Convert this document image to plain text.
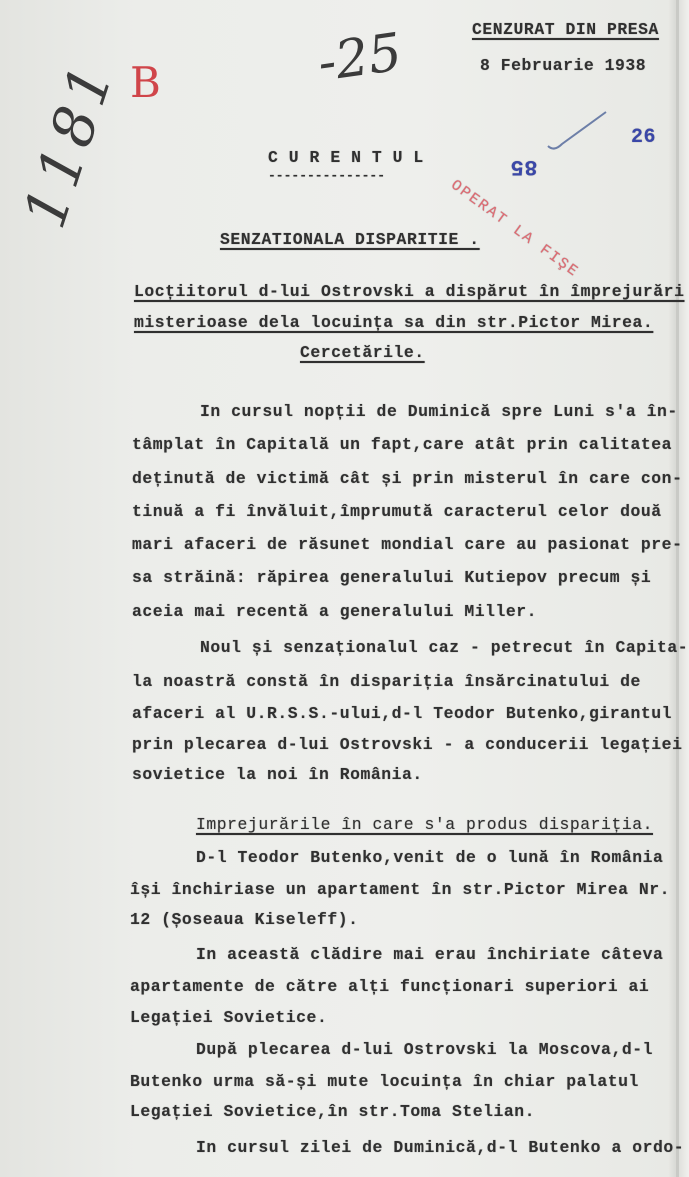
CENZURAT DIN PRESA
8 Februarie 1938
1181 B	-25
26
85
OPERAT LA FIŞE
C U R E N T U L
---------------
SENZATIONALA DISPARITIE .
Locțiitorul d-lui Ostrovski a dispărut în împrejurări
misterioase dela locuința sa din str.Pictor Mirea.
Cercetările.
In cursul nopții de Duminică spre Luni s'a în-
tâmplat în Capitală un fapt,care atât prin calitatea
deținută de victimă cât și prin misterul în care con-
tinuă a fi învăluit,împrumută caracterul celor două
mari afaceri de răsunet mondial care au pasionat pre-
sa străină: răpirea generalului Kutiepov precum și
aceia mai recentă a generalului Miller.
Noul și senzaționalul caz - petrecut în Capita-
la noastră constă în dispariția însărcinatului de
afaceri al U.R.S.S.-ului,d-l Teodor Butenko,girantul
prin plecarea d-lui Ostrovski - a conducerii legației
sovietice la noi în România.
Imprejurările în care s'a produs dispariția.
D-l Teodor Butenko,venit de o lună în România
își închiriase un apartament în str.Pictor Mirea Nr.
12 (Șoseaua Kiseleff).
In această clădire mai erau închiriate câteva
apartamente de către alți funcționari superiori ai
Legației Sovietice.
După plecarea d-lui Ostrovski la Moscova,d-l
Butenko urma să-și mute locuința în chiar palatul
Legației Sovietice,în str.Toma Stelian.
In cursul zilei de Duminică,d-l Butenko a ordo-
